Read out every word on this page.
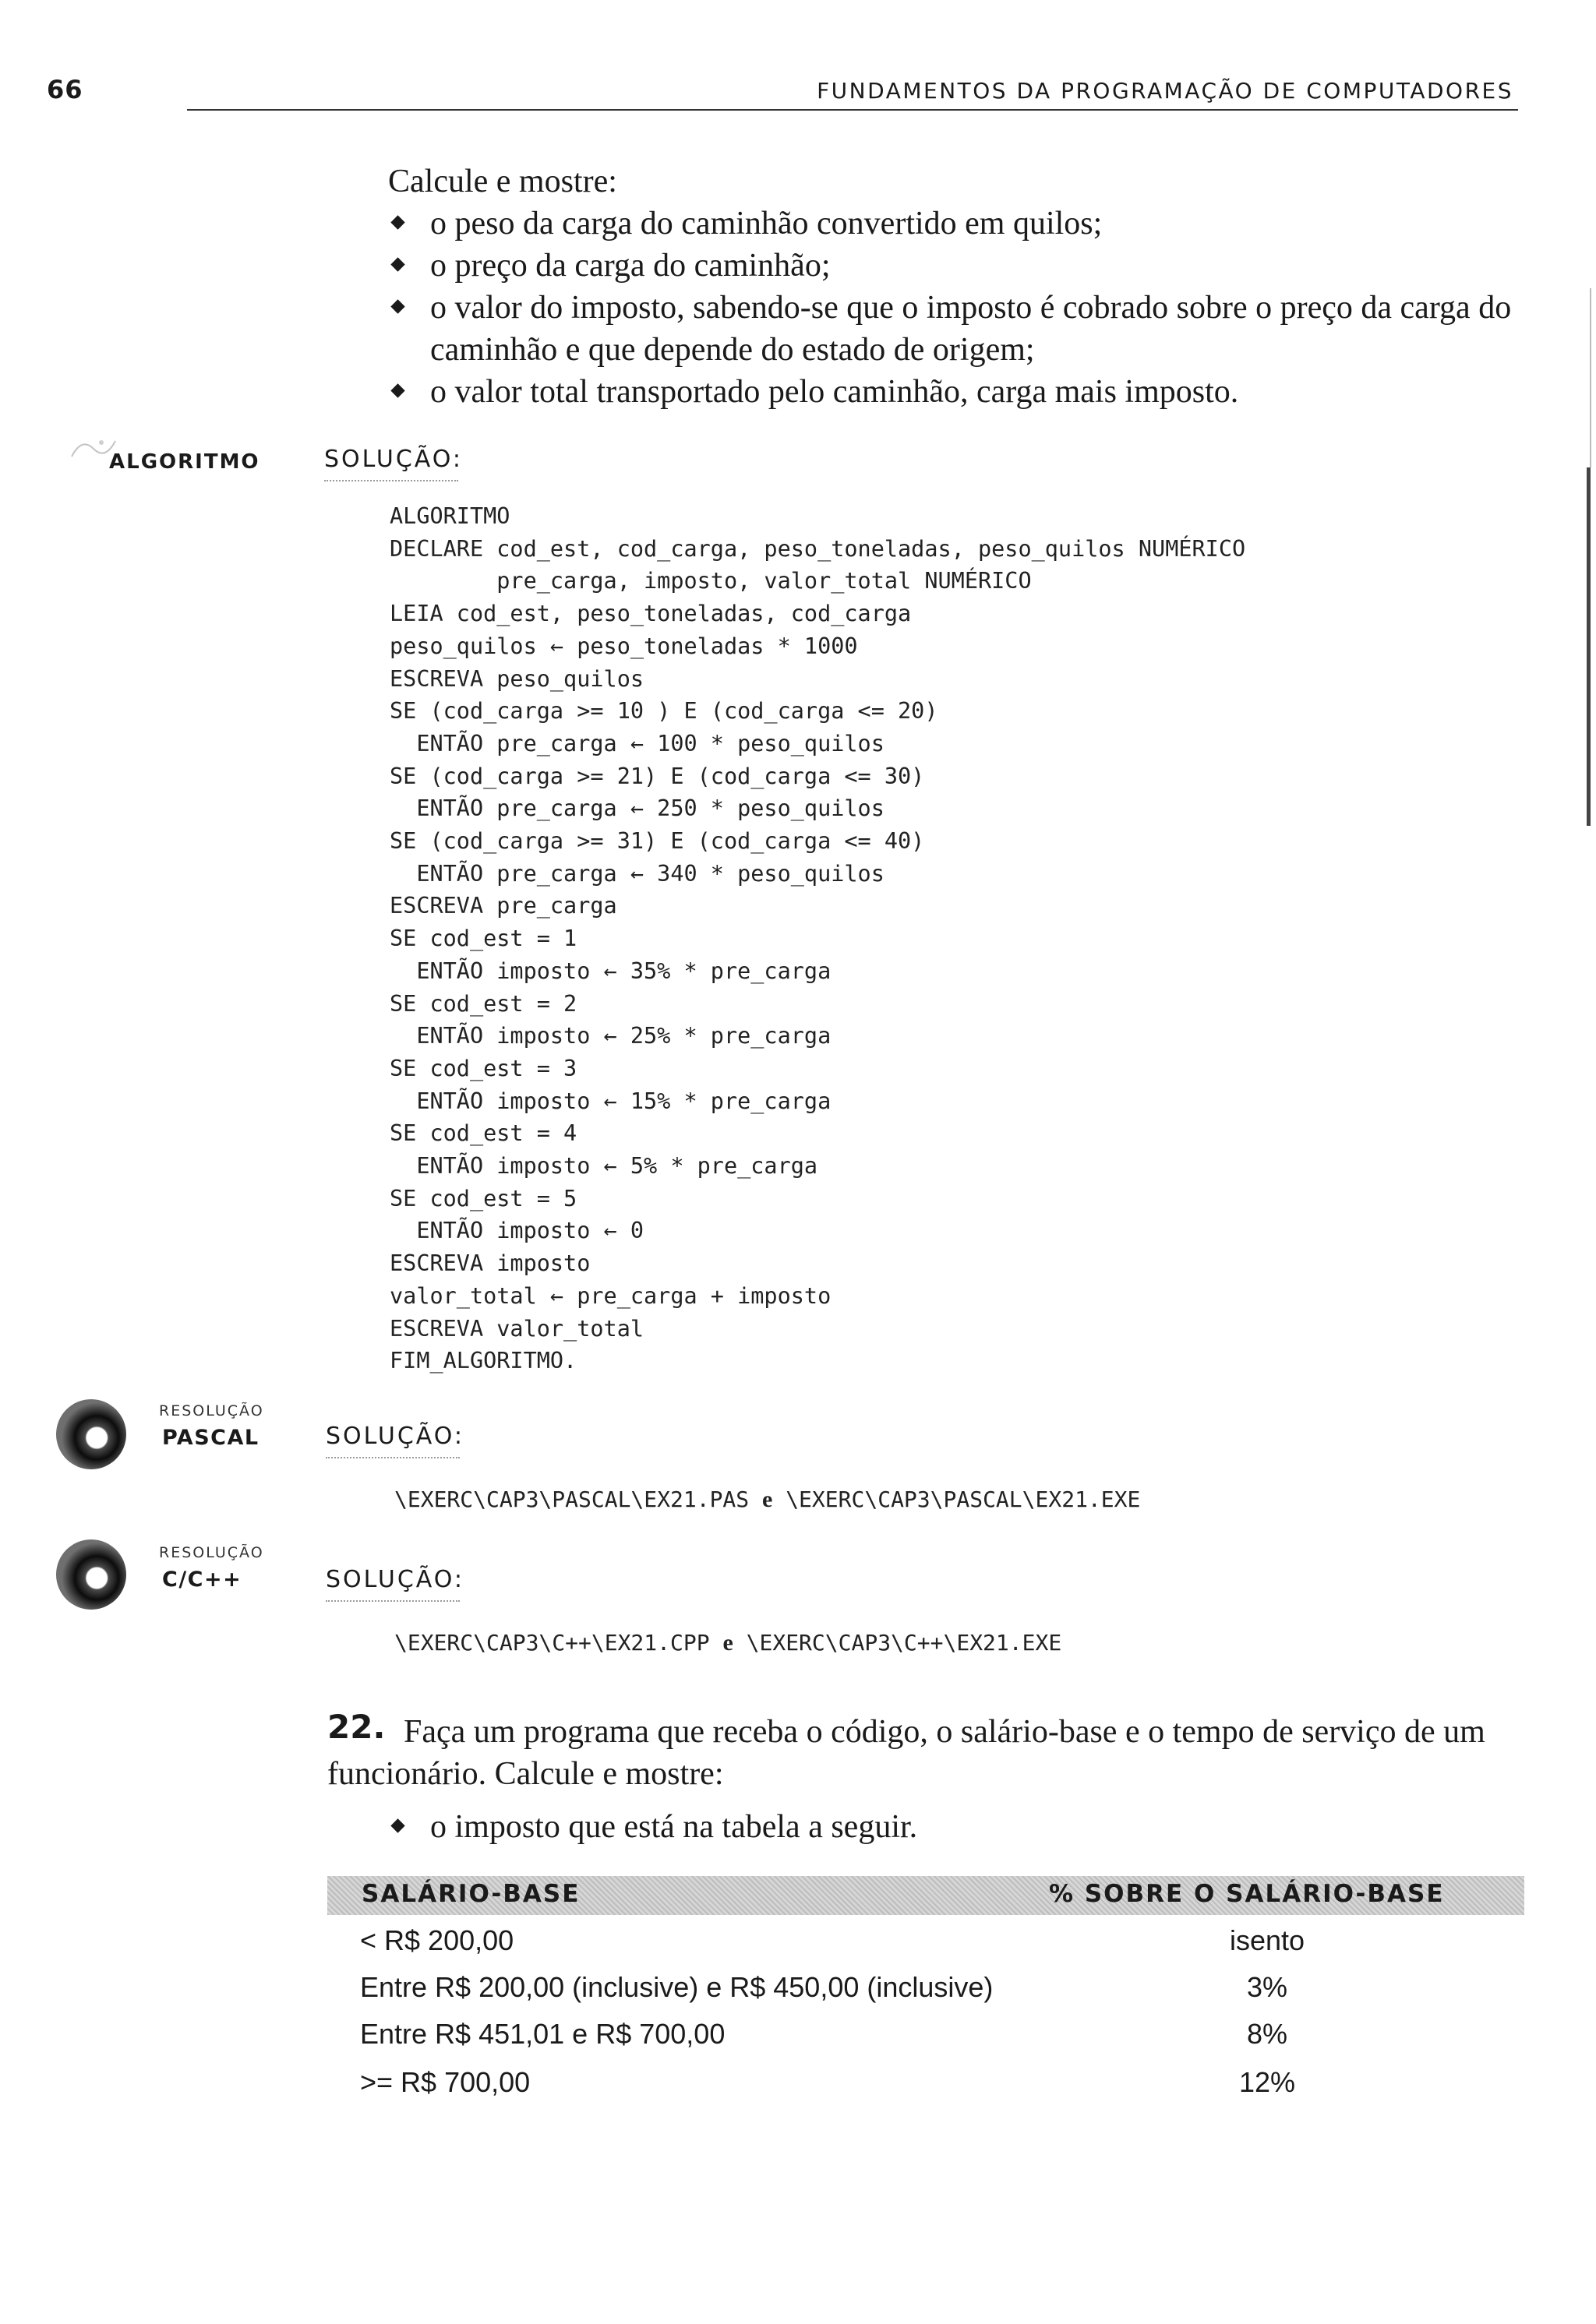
66	FUNDAMENTOS DA PROGRAMAÇÃO DE COMPUTADORES
Calcule e mostre:
o peso da carga do caminhão convertido em quilos;
o preço da carga do caminhão;
o valor do imposto, sabendo-se que o imposto é cobrado sobre o preço da carga do caminhão e que depende do estado de origem;
o valor total transportado pelo caminhão, carga mais imposto.
ALGORITMO	SOLUÇÃO:
ALGORITMO
DECLARE cod_est, cod_carga, peso_toneladas, peso_quilos NUMÉRICO
pre_carga, imposto, valor_total NUMÉRICO
LEIA cod_est, peso_toneladas, cod_carga
peso_quilos ← peso_toneladas * 1000
ESCREVA peso_quilos
SE (cod_carga >= 10 ) E (cod_carga <= 20)
ENTÃO pre_carga ← 100 * peso_quilos
SE (cod_carga >= 21) E (cod_carga <= 30)
ENTÃO pre_carga ← 250 * peso_quilos
SE (cod_carga >= 31) E (cod_carga <= 40)
ENTÃO pre_carga ← 340 * peso_quilos
ESCREVA pre_carga
SE cod_est = 1
ENTÃO imposto ← 35% * pre_carga
SE cod_est = 2
ENTÃO imposto ← 25% * pre_carga
SE cod_est = 3
ENTÃO imposto ← 15% * pre_carga
SE cod_est = 4
ENTÃO imposto ← 5% * pre_carga
SE cod_est = 5
ENTÃO imposto ← 0
ESCREVA imposto
valor_total ← pre_carga + imposto
ESCREVA valor_total
FIM_ALGORITMO.
RESOLUÇÃO
PASCAL	SOLUÇÃO:
\EXERC\CAP3\PASCAL\EX21.PAS e \EXERC\CAP3\PASCAL\EX21.EXE
RESOLUÇÃO
C/C++	SOLUÇÃO:
\EXERC\CAP3\C++\EX21.CPP e \EXERC\CAP3\C++\EX21.EXE
22. Faça um programa que receba o código, o salário-base e o tempo de serviço de um funcionário. Calcule e mostre:
o imposto que está na tabela a seguir.
SALÁRIO-BASE	% SOBRE O SALÁRIO-BASE
< R$ 200,00	isento
Entre R$ 200,00 (inclusive) e R$ 450,00 (inclusive)	3%
Entre R$ 451,01 e R$ 700,00	8%
>= R$ 700,00	12%
